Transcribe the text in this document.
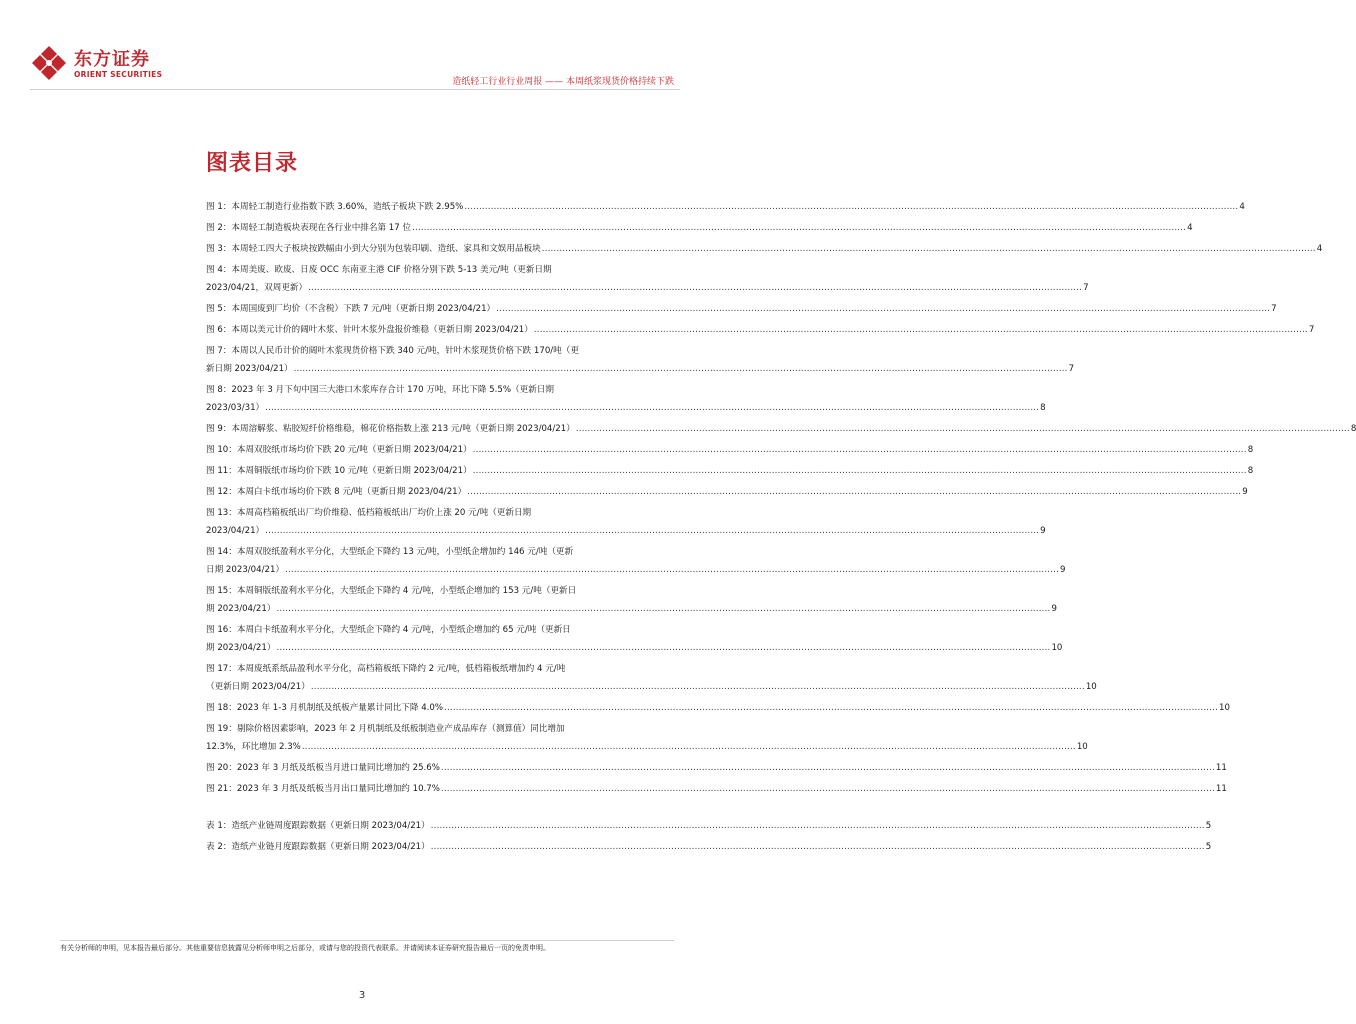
东方证券
ORIENT SECURITIES
造纸轻工行业行业周报 —— 本周纸浆现货价格持续下跌
图表目录
图 1：本周轻工制造行业指数下跌 3.60%，造纸子板块下跌 2.95% .....	4
图 2：本周轻工制造板块表现在各行业中排名第 17 位 .....	4
图 3：本周轻工四大子板块按跌幅由小到大分别为包装印刷、造纸、家具和文娱用品板块 .....	4
图 4：本周美废、欧废、日废 OCC 东南亚主港 CIF 价格分别下跌 5-13 美元/吨（更新日期
2023/04/21，双周更新） .....	7
图 5：本周国废到厂均价（不含税）下跌 7 元/吨（更新日期 2023/04/21） .....	7
图 6：本周以美元计价的阔叶木浆、针叶木浆外盘报价维稳（更新日期 2023/04/21） .....	7
图 7：本周以人民币计价的阔叶木浆现货价格下跌 340 元/吨，针叶木浆现货价格下跌 170/吨（更
新日期 2023/04/21） .....	7
图 8：2023 年 3 月下旬中国三大港口木浆库存合计 170 万吨，环比下降 5.5%（更新日期
2023/03/31） .....	8
图 9：本周溶解浆、粘胶短纤价格维稳，棉花价格指数上涨 213 元/吨（更新日期 2023/04/21） .....	8
图 10：本周双胶纸市场均价下跌 20 元/吨（更新日期 2023/04/21） .....	8
图 11：本周铜版纸市场均价下跌 10 元/吨（更新日期 2023/04/21） .....	8
图 12：本周白卡纸市场均价下跌 8 元/吨（更新日期 2023/04/21） .....	9
图 13：本周高档箱板纸出厂均价维稳、低档箱板纸出厂均价上涨 20 元/吨（更新日期
2023/04/21） .....	9
图 14：本周双胶纸盈利水平分化，大型纸企下降约 13 元/吨，小型纸企增加约 146 元/吨（更新
日期 2023/04/21） .....	9
图 15：本周铜版纸盈利水平分化，大型纸企下降约 4 元/吨，小型纸企增加约 153 元/吨（更新日
期 2023/04/21） .....	9
图 16：本周白卡纸盈利水平分化，大型纸企下降约 4 元/吨，小型纸企增加约 65 元/吨（更新日
期 2023/04/21） .....	10
图 17：本周废纸系纸品盈利水平分化，高档箱板纸下降约 2 元/吨，低档箱板纸增加约 4 元/吨
（更新日期 2023/04/21） .....	10
图 18：2023 年 1-3 月机制纸及纸板产量累计同比下降 4.0% .....	10
图 19：剔除价格因素影响，2023 年 2 月机制纸及纸板制造业产成品库存（测算值）同比增加
12.3%，环比增加 2.3% .....	10
图 20：2023 年 3 月纸及纸板当月进口量同比增加约 25.6% .....	11
图 21：2023 年 3 月纸及纸板当月出口量同比增加约 10.7% .....	11
表 1：造纸产业链周度跟踪数据（更新日期 2023/04/21） .....	5
表 2：造纸产业链月度跟踪数据（更新日期 2023/04/21） .....	5
有关分析师的申明，见本报告最后部分。其他重要信息披露见分析师申明之后部分，或请与您的投资代表联系。并请阅读本证券研究报告最后一页的免责申明。
3
